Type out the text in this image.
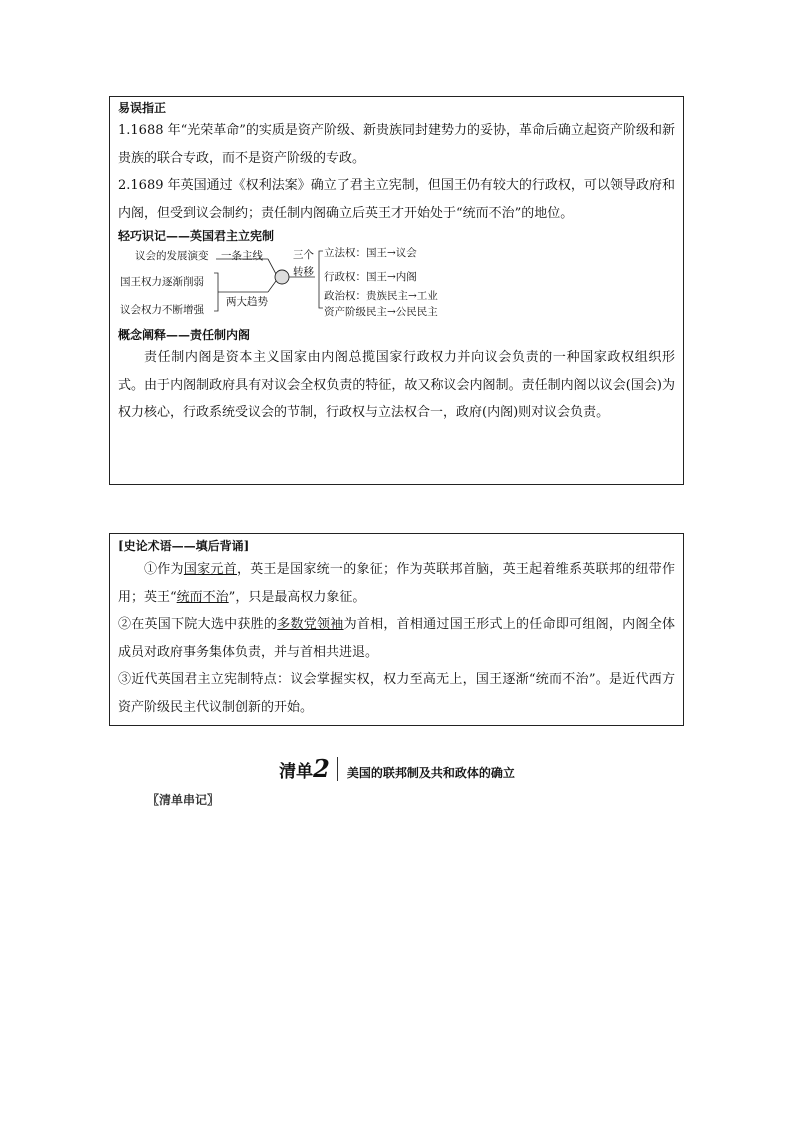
易误指正
1.1688 年“光荣革命”的实质是资产阶级、新贵族同封建势力的妥协，革命后确立起资产阶级和新贵族的联合专政，而不是资产阶级的专政。
2.1689 年英国通过《权利法案》确立了君主立宪制，但国王仍有较大的行政权，可以领导政府和内阁，但受到议会制约；责任制内阁确立后英王才开始处于“统而不治”的地位。
轻巧识记——英国君主立宪制
议会的发展演变
国王权力逐渐削弱
议会权力不断增强
一条主线
两大趋势
三个
转移
立法权：国王→议会
行政权：国王→内阁
政治权：贵族民主→工业
资产阶级民主→公民民主
概念阐释——责任制内阁
责任制内阁是资本主义国家由内阁总揽国家行政权力并向议会负责的一种国家政权组织形式。由于内阁制政府具有对议会全权负责的特征，故又称议会内阁制。责任制内阁以议会(国会)为权力核心，行政系统受议会的节制，行政权与立法权合一，政府(内阁)则对议会负责。
[史论术语——填后背诵]
①作为国家元首，英王是国家统一的象征；作为英联邦首脑，英王起着维系英联邦的纽带作用；英王“统而不治”，只是最高权力象征。
②在英国下院大选中获胜的多数党领袖为首相，首相通过国王形式上的任命即可组阁，内阁全体成员对政府事务集体负责，并与首相共进退。
③近代英国君主立宪制特点：议会掌握实权，权力至高无上，国王逐渐“统而不治”。是近代西方资产阶级民主代议制创新的开始。
清单2 美国的联邦制及共和政体的确立
〖清单串记〗
